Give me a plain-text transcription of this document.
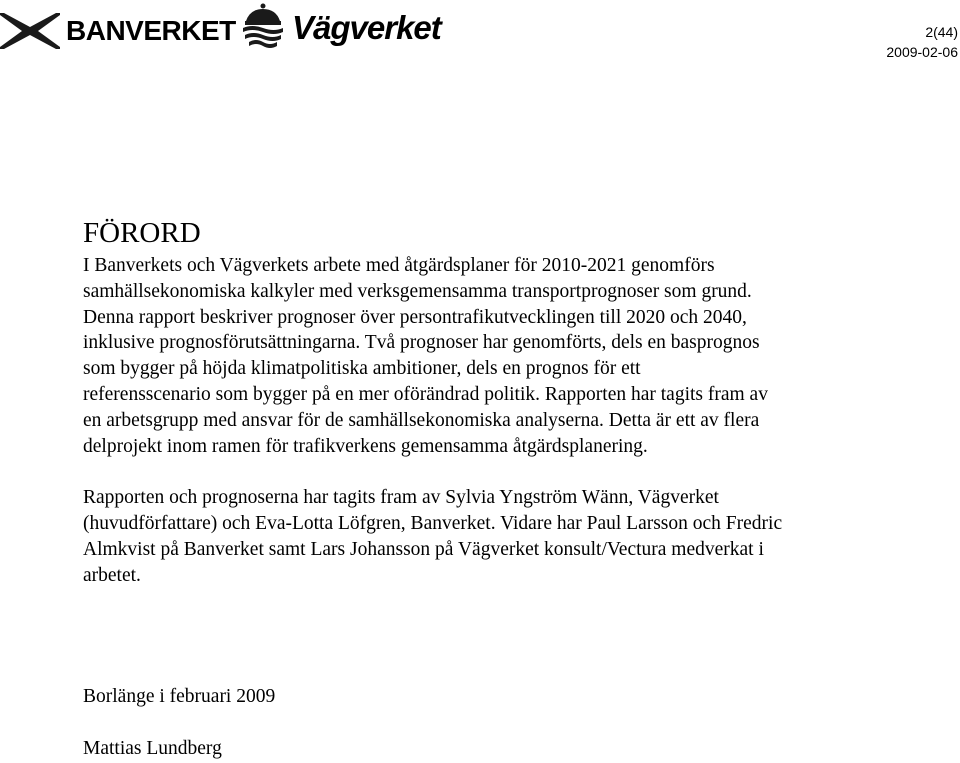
BANVERKET Vägverket	2(44)
2009-02-06
FÖRORD

I Banverkets och Vägverkets arbete med åtgärdsplaner för 2010-2021 genomförs samhällsekonomiska kalkyler med verksgemensamma transportprognoser som grund. Denna rapport beskriver prognoser över persontrafikutvecklingen till 2020 och 2040, inklusive prognosförutsättningarna. Två prognoser har genomförts, dels en basprognos som bygger på höjda klimatpolitiska ambitioner, dels en prognos för ett referensscenario som bygger på en mer oförändrad politik. Rapporten har tagits fram av en arbetsgrupp med ansvar för de samhällsekonomiska analyserna. Detta är ett av flera delprojekt inom ramen för trafikverkens gemensamma åtgärdsplanering.

Rapporten och prognoserna har tagits fram av Sylvia Yngström Wänn, Vägverket (huvudförfattare) och Eva-Lotta Löfgren, Banverket. Vidare har Paul Larsson och Fredric Almkvist på Banverket samt Lars Johansson på Vägverket konsult/Vectura medverkat i arbetet.

Borlänge i februari 2009
Mattias Lundberg
